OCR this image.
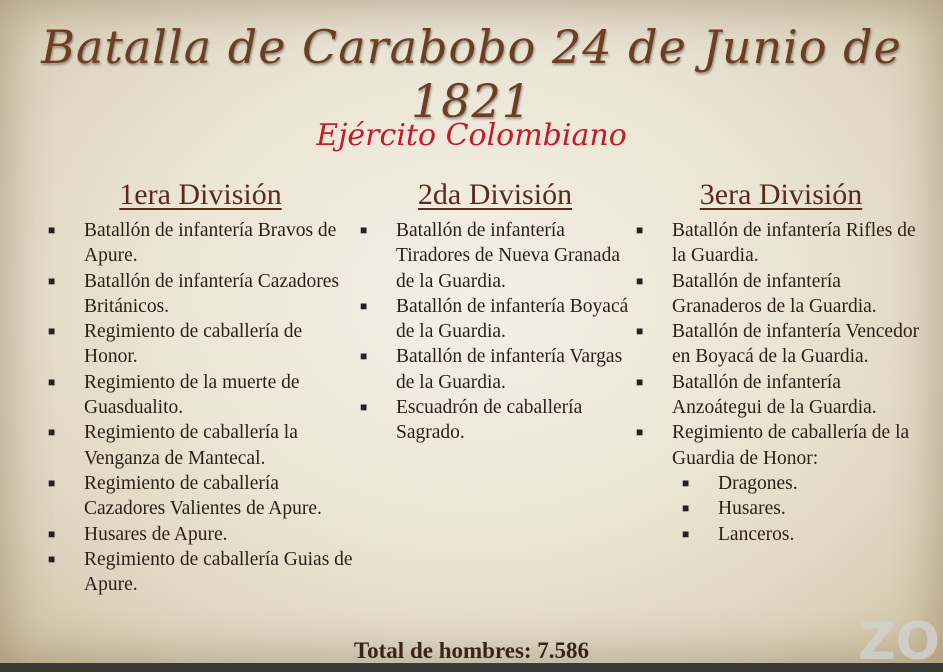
Batalla de Carabobo 24 de Junio de 1821
Ejército Colombiano
1era División
■ Batallón de infantería Bravos de Apure.
■ Batallón de infantería Cazadores Británicos.
■ Regimiento de caballería de Honor.
■ Regimiento de la muerte de Guasdualito.
■ Regimiento de caballería la Venganza de Mantecal.
■ Regimiento de caballería Cazadores Valientes de Apure.
■ Husares de Apure.
■ Regimiento de caballería Guias de Apure.
2da División
■ Batallón de infantería Tiradores de Nueva Granada de la Guardia.
■ Batallón de infantería Boyacá de la Guardia.
■ Batallón de infantería Vargas de la Guardia.
■ Escuadrón de caballería Sagrado.
3era División
■ Batallón de infantería Rifles de la Guardia.
■ Batallón de infantería Granaderos de la Guardia.
■ Batallón de infantería Vencedor en Boyacá de la Guardia.
■ Batallón de infantería Anzoátegui de la Guardia.
■ Regimiento de caballería de la Guardia de Honor:
■ Dragones.
■ Husares.
■ Lanceros.
Total de hombres: 7.586	ZO
